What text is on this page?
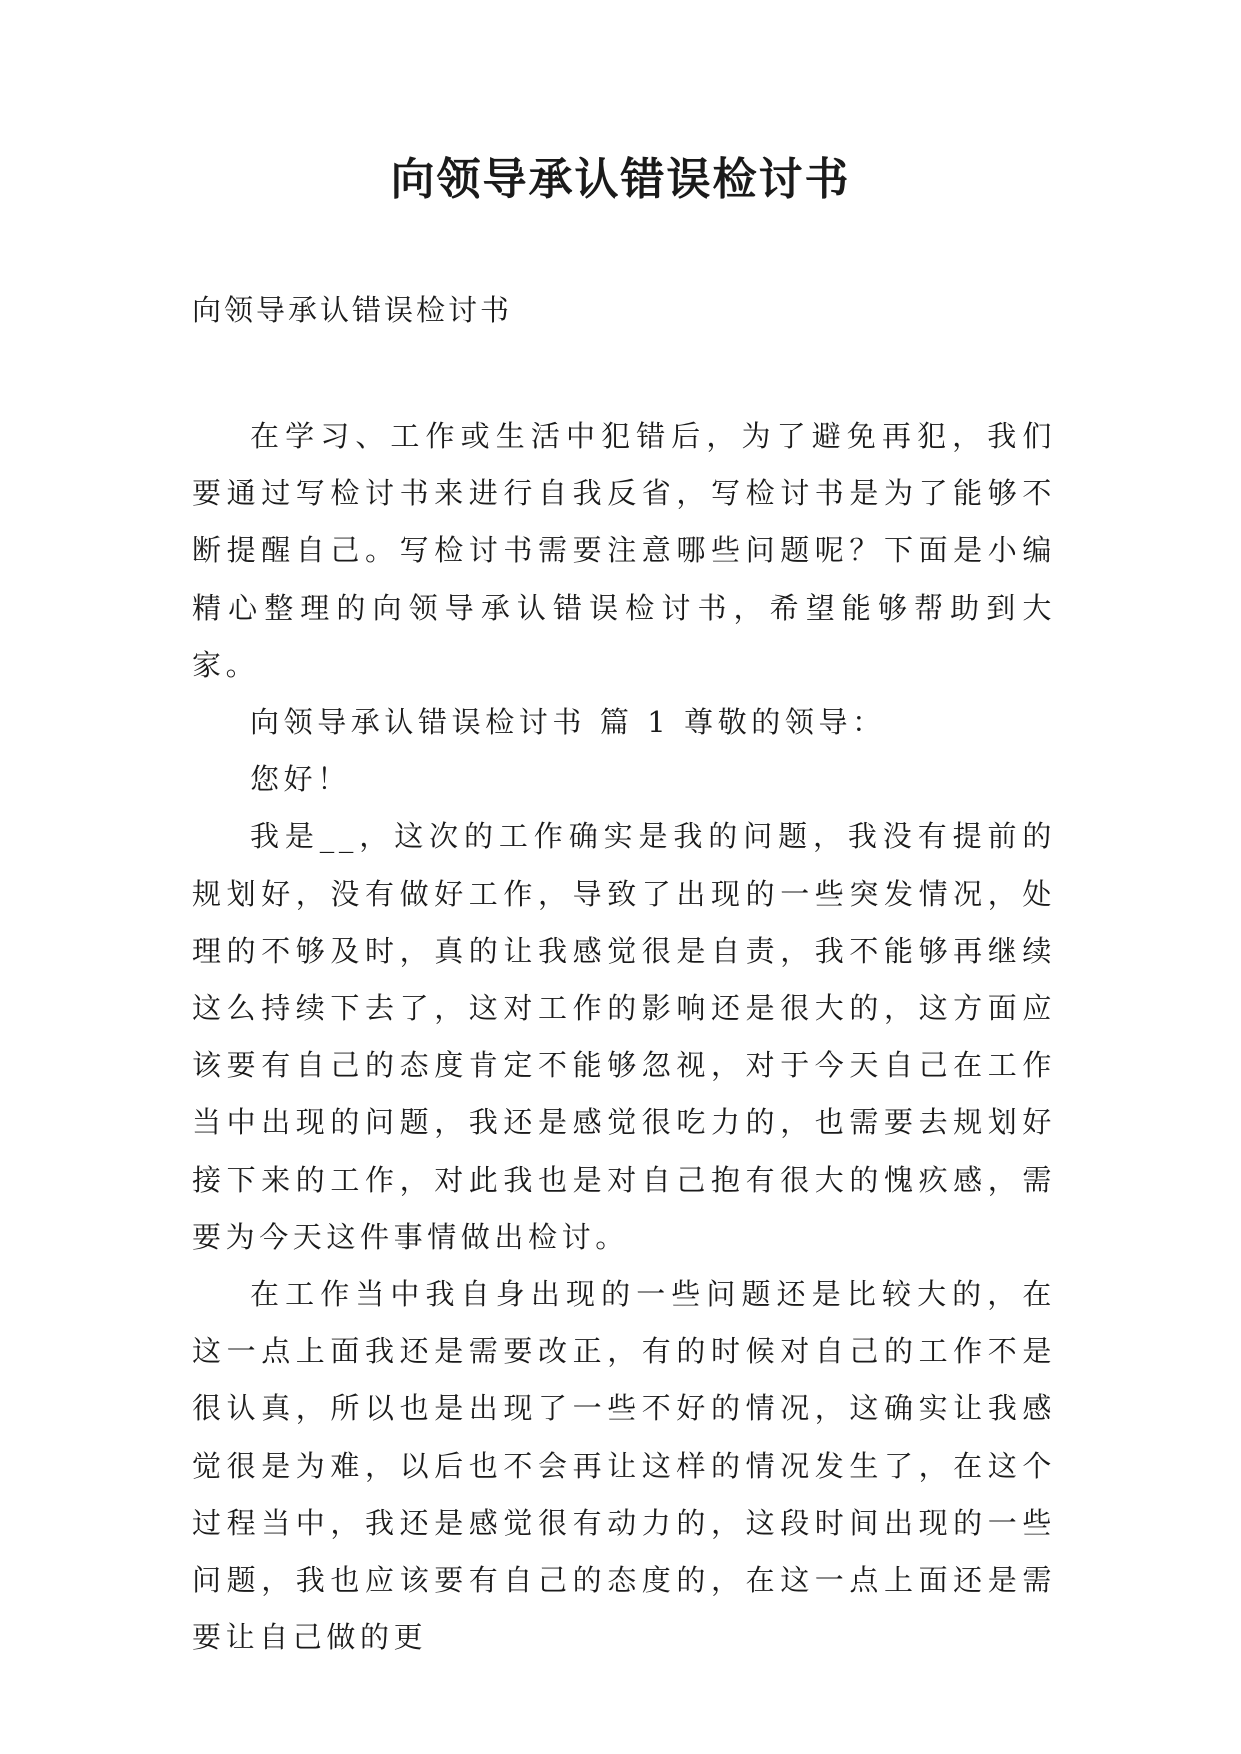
向领导承认错误检讨书

向领导承认错误检讨书

在学习、工作或生活中犯错后，为了避免再犯，我们要通过写检讨书来进行自我反省，写检讨书是为了能够不断提醒自己。写检讨书需要注意哪些问题呢？下面是小编精心整理的向领导承认错误检讨书，希望能够帮助到大家。

向领导承认错误检讨书 篇 1 尊敬的领导：

您好！

我是__，这次的工作确实是我的问题，我没有提前的规划好，没有做好工作，导致了出现的一些突发情况，处理的不够及时，真的让我感觉很是自责，我不能够再继续这么持续下去了，这对工作的影响还是很大的，这方面应该要有自己的态度肯定不能够忽视，对于今天自己在工作当中出现的问题，我还是感觉很吃力的，也需要去规划好接下来的工作，对此我也是对自己抱有很大的愧疚感，需要为今天这件事情做出检讨。

在工作当中我自身出现的一些问题还是比较大的，在这一点上面我还是需要改正，有的时候对自己的工作不是很认真，所以也是出现了一些不好的情况，这确实让我感觉很是为难，以后也不会再让这样的情况发生了，在这个过程当中，我还是感觉很有动力的，这段时间出现的一些问题，我也应该要有自己的态度的，在这一点上面还是需要让自己做的更
